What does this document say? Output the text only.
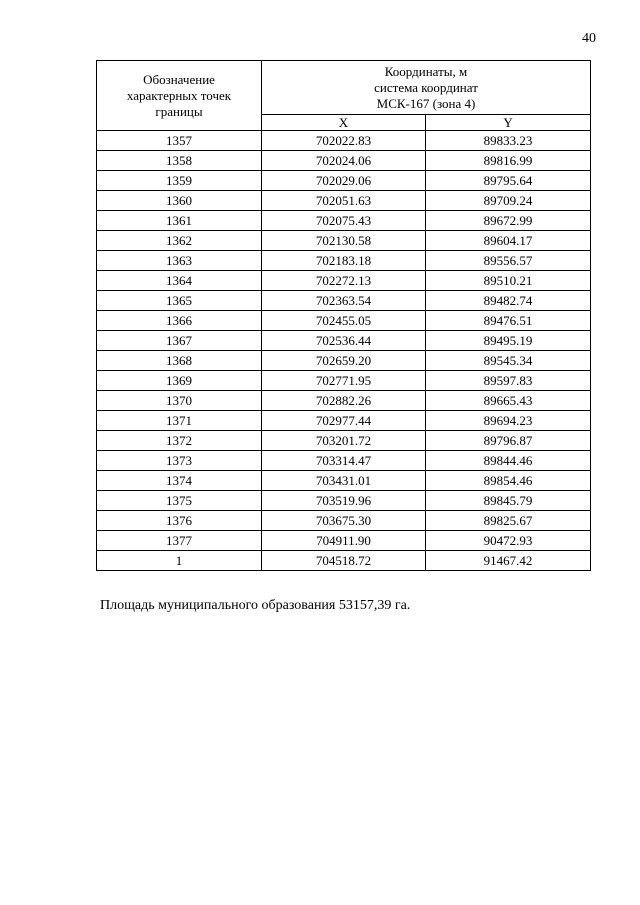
40
Обозначение
характерных точек
границы	Координаты, м
система координат
МСК-167 (зона 4)	

	X	Y
1357	702022.83	89833.23
1358	702024.06	89816.99
1359	702029.06	89795.64
1360	702051.63	89709.24
1361	702075.43	89672.99
1362	702130.58	89604.17
1363	702183.18	89556.57
1364	702272.13	89510.21
1365	702363.54	89482.74
1366	702455.05	89476.51
1367	702536.44	89495.19
1368	702659.20	89545.34
1369	702771.95	89597.83
1370	702882.26	89665.43
1371	702977.44	89694.23
1372	703201.72	89796.87
1373	703314.47	89844.46
1374	703431.01	89854.46
1375	703519.96	89845.79
1376	703675.30	89825.67
1377	704911.90	90472.93
1	704518.72	91467.42
Площадь муниципального образования 53157,39 га.
